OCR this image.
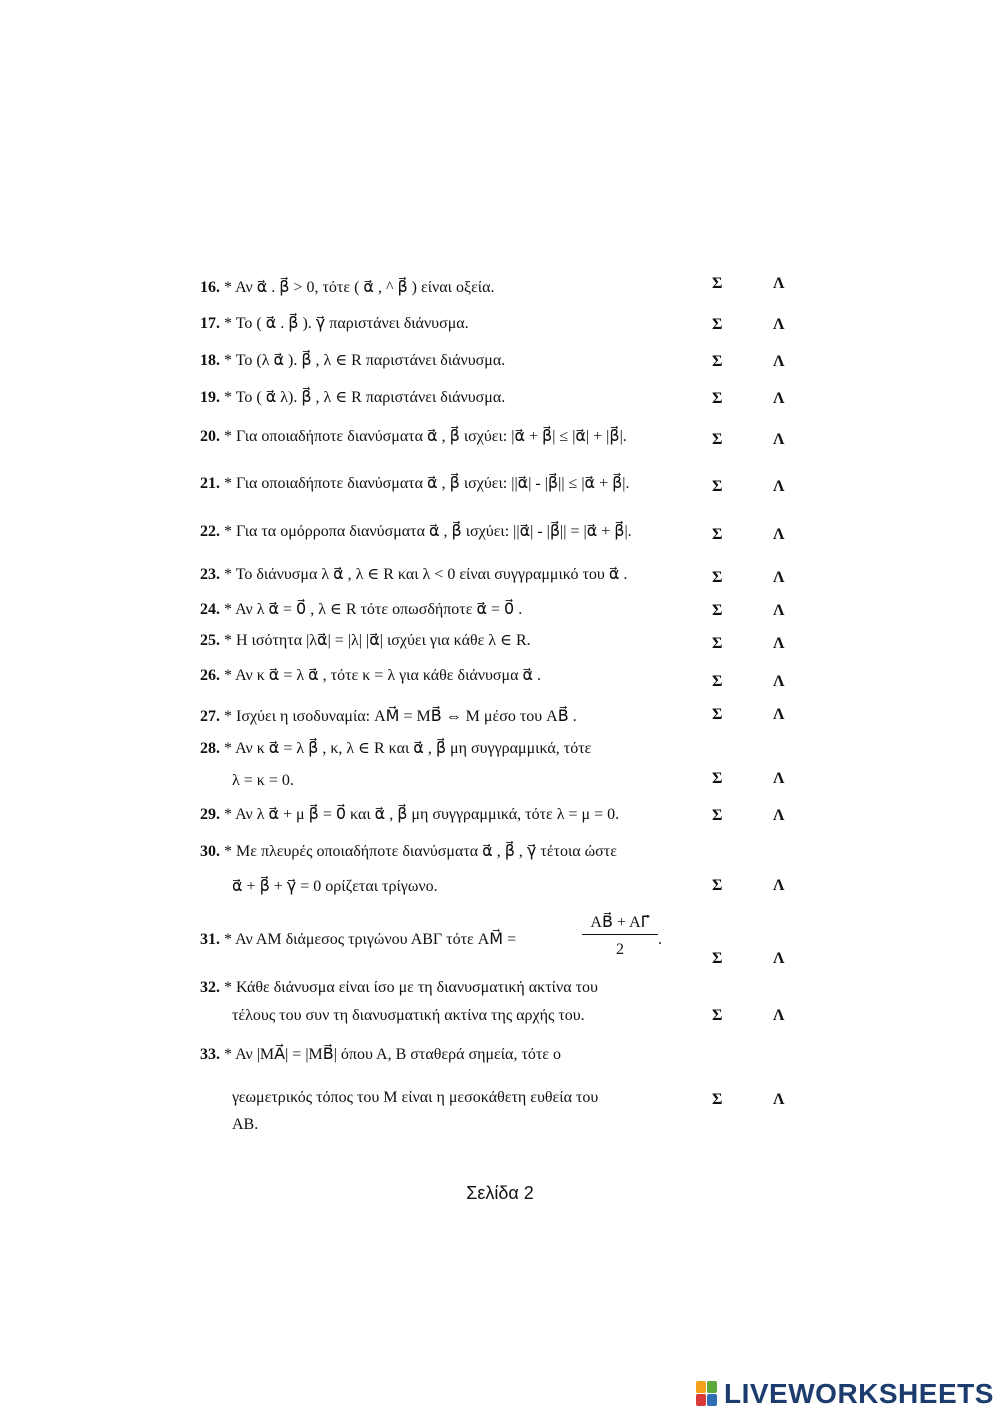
16. * Αν α⃗ . β⃗ > 0, τότε ( α⃗ , ^ β⃗ ) είναι οξεία.	Σ	Λ
17. * Το ( α⃗ . β⃗ ). γ⃗ παριστάνει διάνυσμα.	Σ	Λ
18. * Το (λ α⃗ ). β⃗ , λ ∈ R παριστάνει διάνυσμα.	Σ	Λ
19. * Το ( α⃗ λ). β⃗ , λ ∈ R παριστάνει διάνυσμα.	Σ	Λ
20. * Για οποιαδήποτε διανύσματα α⃗ , β⃗ ισχύει: |α⃗ + β⃗| ≤ |α⃗| + |β⃗|.	Σ	Λ
21. * Για οποιαδήποτε διανύσματα α⃗ , β⃗ ισχύει: ||α⃗| - |β⃗|| ≤ |α⃗ + β⃗|.	Σ	Λ
22. * Για τα ομόρροπα διανύσματα α⃗ , β⃗ ισχύει: ||α⃗| - |β⃗|| = |α⃗ + β⃗|.	Σ	Λ
23. * Το διάνυσμα λ α⃗ , λ ∈ R και λ < 0 είναι συγγραμμικό του α⃗ .	Σ	Λ
24. * Αν λ α⃗ = 0⃗ , λ ∈ R τότε οπωσδήποτε α⃗ = 0⃗ .	Σ	Λ
25. * Η ισότητα |λα⃗| = |λ| |α⃗| ισχύει για κάθε λ ∈ R.	Σ	Λ
26. * Αν κ α⃗ = λ α⃗ , τότε κ = λ για κάθε διάνυσμα α⃗ .	Σ	Λ
27. * Ισχύει η ισοδυναμία: AM⃗ = MB⃗ ⇔ M μέσο του AB⃗ .	Σ	Λ
28. * Αν κ α⃗ = λ β⃗ , κ, λ ∈ R και α⃗ , β⃗ μη συγγραμμικά, τότε
λ = κ = 0.	Σ	Λ
29. * Αν λ α⃗ + μ β⃗ = 0⃗ και α⃗ , β⃗ μη συγγραμμικά, τότε λ = μ = 0.	Σ	Λ
30. * Με πλευρές οποιαδήποτε διανύσματα α⃗ , β⃗ , γ⃗ τέτοια ώστε
α⃗ + β⃗ + γ⃗ = 0 ορίζεται τρίγωνο.	Σ	Λ
31. * Αν ΑΜ διάμεσος τριγώνου ΑΒΓ τότε AM⃗ =	$\frac{AB⃗ + A\Gamma⃗}{2}$ .
Σ	Λ
32. * Κάθε διάνυσμα είναι ίσο με τη διανυσματική ακτίνα του
τέλους του συν τη διανυσματική ακτίνα της αρχής του.	Σ	Λ
33. * Αν |MA⃗| = |MB⃗| όπου Α, Β σταθερά σημεία, τότε ο
γεωμετρικός τόπος του Μ είναι η μεσοκάθετη ευθεία του
ΑΒ.
Σ	Λ
Σελίδα 2
LIVEWORKSHEETS
